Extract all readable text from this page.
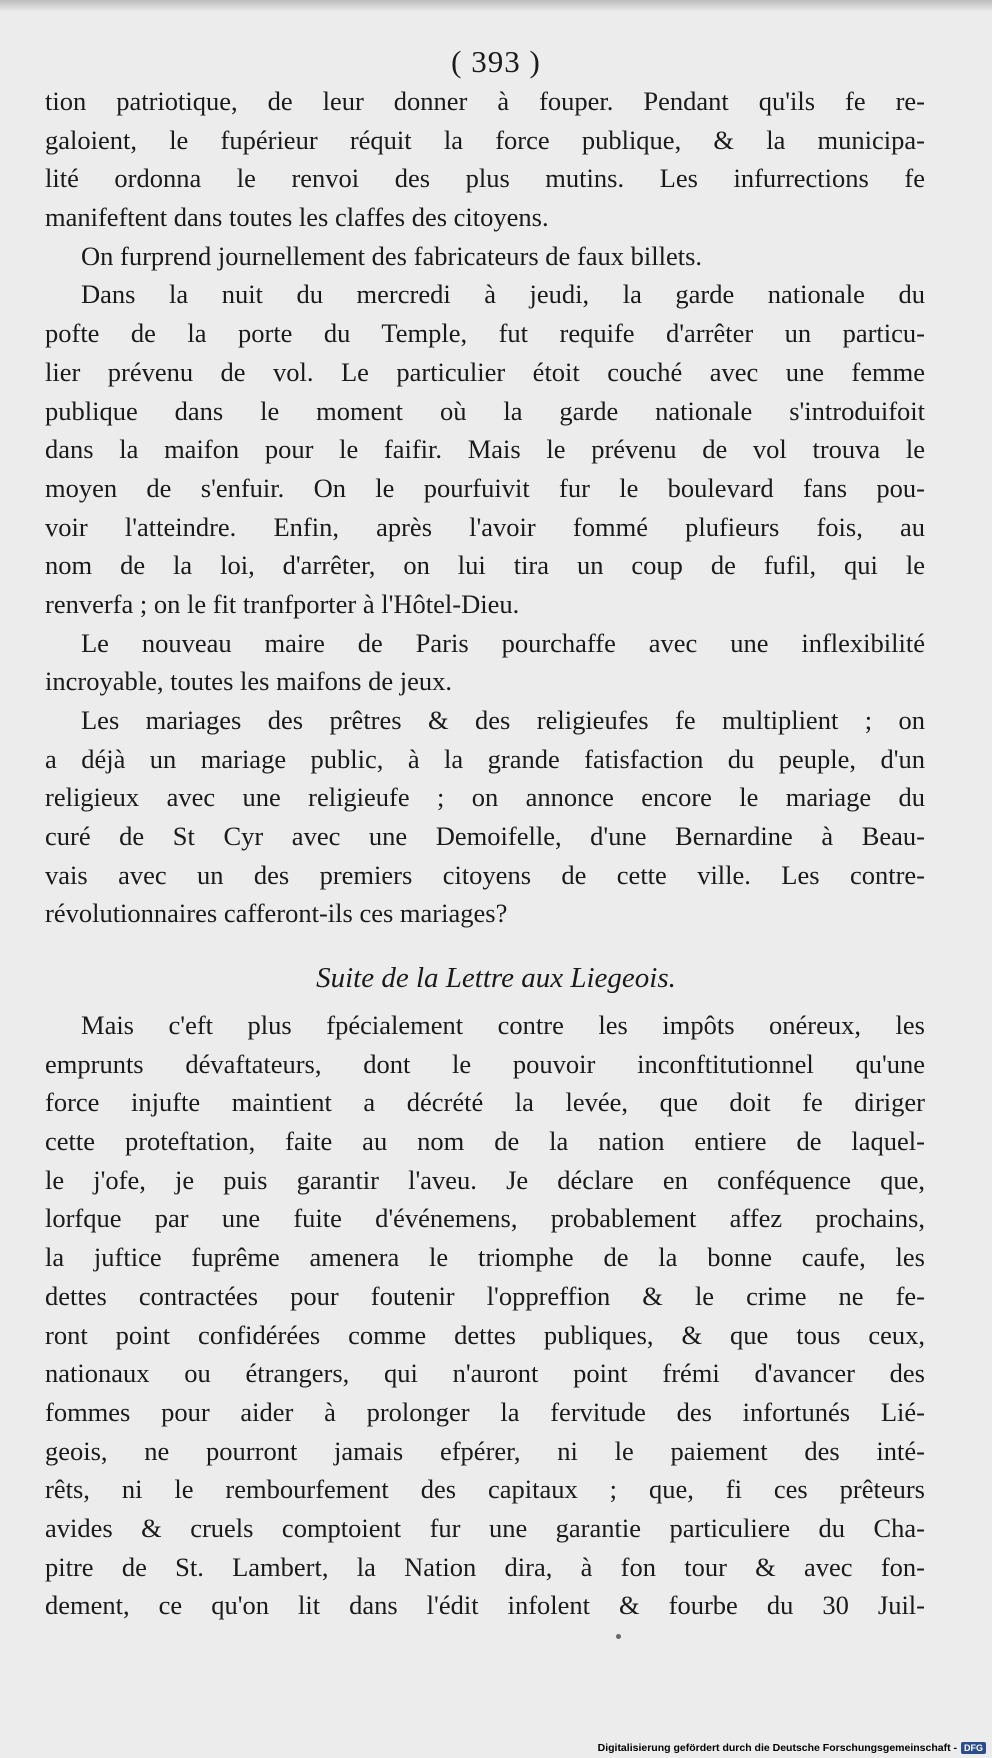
( 393 )
tion patriotique, de leur donner à fouper. Pendant qu'ils fe re-
galoient, le fupérieur réquit la force publique, & la municipa-
lité ordonna le renvoi des plus mutins. Les infurrections fe
manifeftent dans toutes les claffes des citoyens.
On furprend journellement des fabricateurs de faux billets.
Dans la nuit du mercredi à jeudi, la garde nationale du
pofte de la porte du Temple, fut requife d'arrêter un particu-
lier prévenu de vol. Le particulier étoit couché avec une femme
publique dans le moment où la garde nationale s'introduifoit
dans la maifon pour le faifir. Mais le prévenu de vol trouva le
moyen de s'enfuir. On le pourfuivit fur le boulevard fans pou-
voir l'atteindre. Enfin, après l'avoir fommé plufieurs fois, au
nom de la loi, d'arrêter, on lui tira un coup de fufil, qui le
renverfa ; on le fit tranfporter à l'Hôtel-Dieu.
Le nouveau maire de Paris pourchaffe avec une inflexibilité
incroyable, toutes les maifons de jeux.
Les mariages des prêtres & des religieufes fe multiplient ; on
a déjà un mariage public, à la grande fatisfaction du peuple, d'un
religieux avec une religieufe ; on annonce encore le mariage du
curé de St Cyr avec une Demoifelle, d'une Bernardine à Beau-
vais avec un des premiers citoyens de cette ville. Les contre-
révolutionnaires cafferont-ils ces mariages?
Suite de la Lettre aux Liegeois.
Mais c'eft plus fpécialement contre les impôts onéreux, les
emprunts dévaftateurs, dont le pouvoir inconftitutionnel qu'une
force injufte maintient a décrété la levée, que doit fe diriger
cette proteftation, faite au nom de la nation entiere de laquel-
le j'ofe, je puis garantir l'aveu. Je déclare en conféquence que,
lorfque par une fuite d'événemens, probablement affez prochains,
la juftice fuprême amenera le triomphe de la bonne caufe, les
dettes contractées pour foutenir l'oppreffion & le crime ne fe-
ront point confidérées comme dettes publiques, & que tous ceux,
nationaux ou étrangers, qui n'auront point frémi d'avancer des
fommes pour aider à prolonger la fervitude des infortunés Lié-
geois, ne pourront jamais efpérer, ni le paiement des inté-
rêts, ni le rembourfement des capitaux ; que, fi ces prêteurs
avides & cruels comptoient fur une garantie particuliere du Cha-
pitre de St. Lambert, la Nation dira, à fon tour & avec fon-
dement, ce qu'on lit dans l'édit infolent & fourbe du 30 Juil-
Digitalisierung gefördert durch die Deutsche Forschungsgemeinschaft - DFG
